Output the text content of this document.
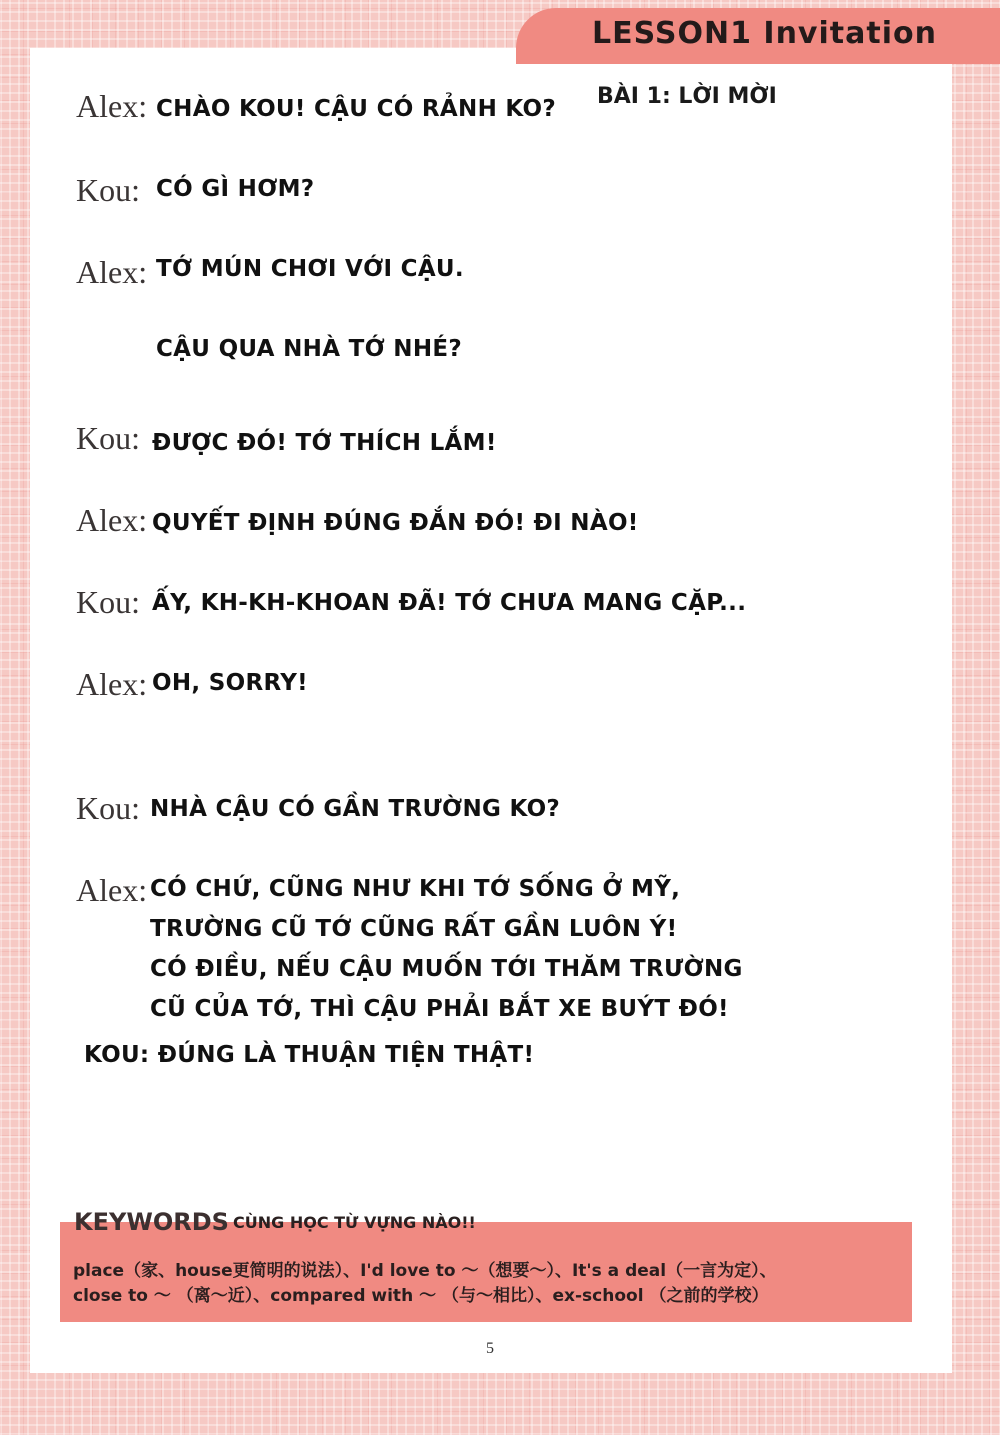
LESSON1 Invitation
BÀI 1: LỜI MỜI
Alex: CHÀO KOU! CẬU CÓ RẢNH KO?
Kou: CÓ GÌ HƠM?
Alex: TỚ MÚN CHƠI VỚI CẬU.
CẬU QUA NHÀ TỚ NHÉ?
Kou: ĐƯỢC ĐÓ! TỚ THÍCH LẮM!
Alex: QUYẾT ĐỊNH ĐÚNG ĐẮN ĐÓ! ĐI NÀO!
Kou: ẤY, KH-KH-KHOAN ĐÃ! TỚ CHƯA MANG CẶP...
Alex: OH, SORRY!
Kou: NHÀ CẬU CÓ GẦN TRƯỜNG KO?
Alex: CÓ CHỨ, CŨNG NHƯ KHI TỚ SỐNG Ở MỸ,
TRƯỜNG CŨ TỚ CŨNG RẤT GẦN LUÔN Ý!
CÓ ĐIỀU, NẾU CẬU MUỐN TỚI THĂM TRƯỜNG
CŨ CỦA TỚ, THÌ CẬU PHẢI BẮT XE BUÝT ĐÓ!
KOU: ĐÚNG LÀ THUẬN TIỆN THẬT!
KEYWORDS CÙNG HỌC TỪ VỰNG NÀO!!
place（家、house更简明的说法）、I'd love to ～（想要～）、It's a deal（一言为定）、
close to ～ （离～近）、compared with ～ （与～相比）、ex-school （之前的学校）
5
